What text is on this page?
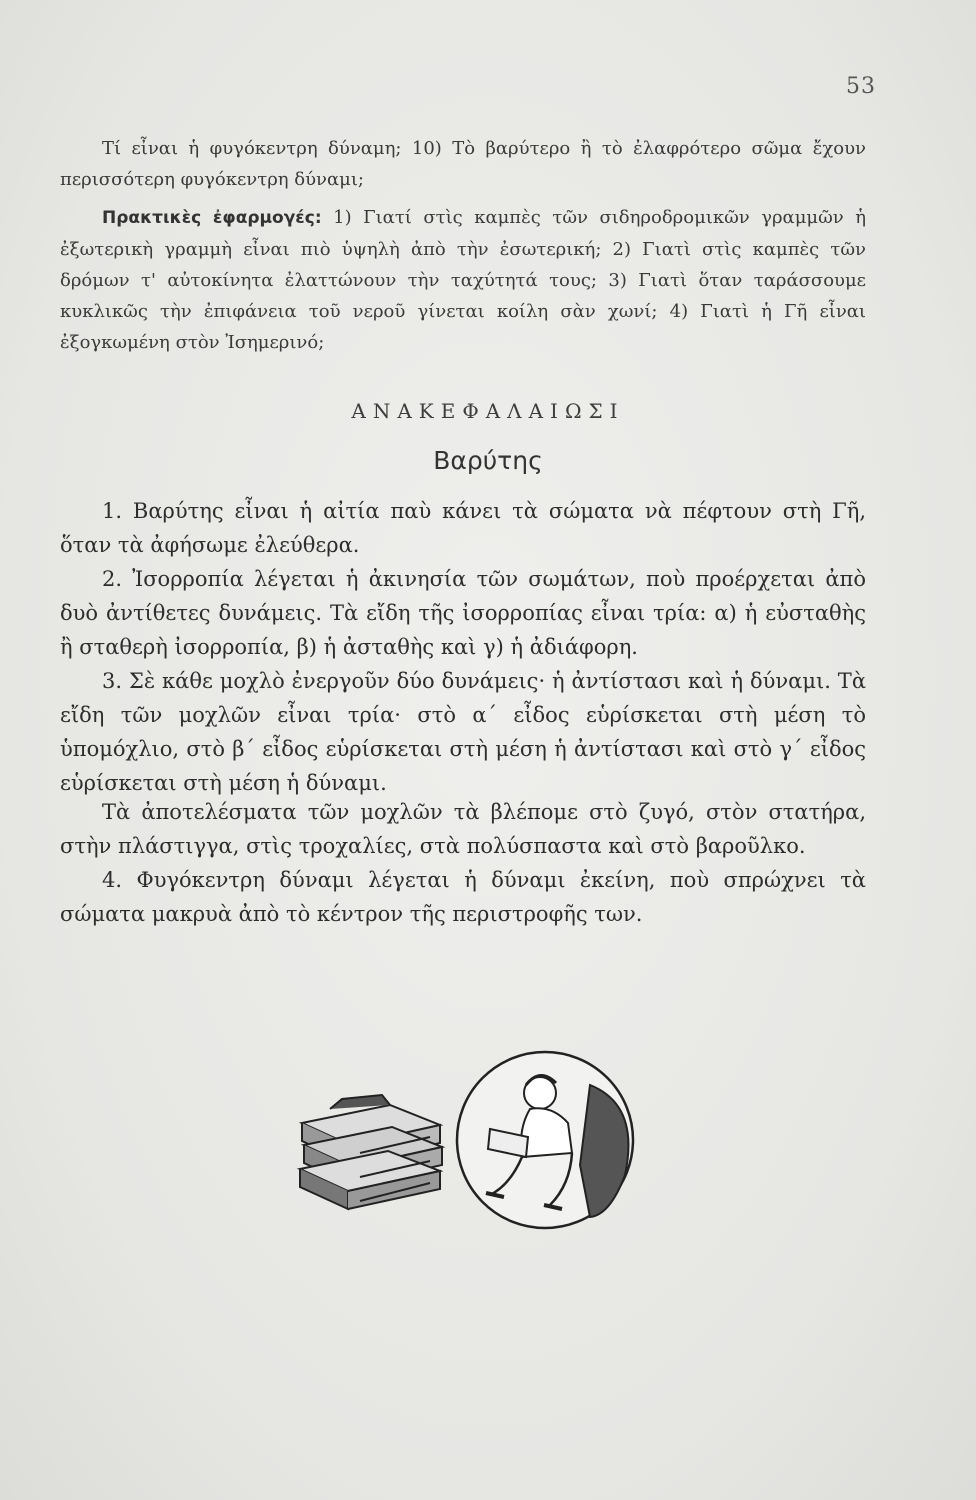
53
Τί εἶναι ἡ φυγόκεντρη δύναμη; 10) Τὸ βαρύτερο ἢ τὸ ἐλαφρότερο σῶμα ἔχουν περισσότερη φυγόκεντρη δύναμι;
Πρακτικὲς ἐφαρμογές: 1) Γιατί στὶς καμπὲς τῶν σιδηροδρομικῶν γραμμῶν ἡ ἐξωτερικὴ γραμμὴ εἶναι πιὸ ὑψηλὴ ἀπὸ τὴν ἐσωτερική; 2) Γιατὶ στὶς καμπὲς τῶν δρόμων τ' αὐτοκίνητα ἐλαττώνουν τὴν ταχύτητά τους; 3) Γιατὶ ὅταν ταράσσουμε κυκλικῶς τὴν ἐπιφάνεια τοῦ νεροῦ γίνεται κοίλη σὰν χωνί; 4) Γιατὶ ἡ Γῆ εἶναι ἐξογκωμένη στὸν Ἰσημερινό;
ΑΝΑΚΕΦΑΛΑΙΩΣΙ
Βαρύτης
1. Βαρύτης εἶναι ἡ αἰτία παὺ κάνει τὰ σώματα νὰ πέφτουν στὴ Γῆ, ὅταν τὰ ἀφήσωμε ἐλεύθερα.
2. Ἰσορροπία λέγεται ἡ ἀκινησία τῶν σωμάτων, ποὺ προέρχεται ἀπὸ δυὸ ἀντίθετες δυνάμεις. Τὰ εἴδη τῆς ἰσορροπίας εἶναι τρία: α) ἡ εὐσταθὴς ἢ σταθερὴ ἰσορροπία, β) ἡ ἀσταθὴς καὶ γ) ἡ ἀδιάφορη.
3. Σὲ κάθε μοχλὸ ἐνεργοῦν δύο δυνάμεις· ἡ ἀντίστασι καὶ ἡ δύναμι. Τὰ εἴδη τῶν μοχλῶν εἶναι τρία· στὸ α΄ εἶδος εὑρίσκεται στὴ μέση τὸ ὑπομόχλιο, στὸ β΄ εἶδος εὑρίσκεται στὴ μέση ἡ ἀντίστασι καὶ στὸ γ΄ εἶδος εὑρίσκεται στὴ μέση ἡ δύναμι.
Τὰ ἀποτελέσματα τῶν μοχλῶν τὰ βλέπομε στὸ ζυγό, στὸν στατήρα, στὴν πλάστιγγα, στὶς τροχαλίες, στὰ πολύσπαστα καὶ στὸ βαροῦλκο.
4. Φυγόκεντρη δύναμι λέγεται ἡ δύναμι ἐκείνη, ποὺ σπρώχνει τὰ σώματα μακρυὰ ἀπὸ τὸ κέντρον τῆς περιστροφῆς των.
